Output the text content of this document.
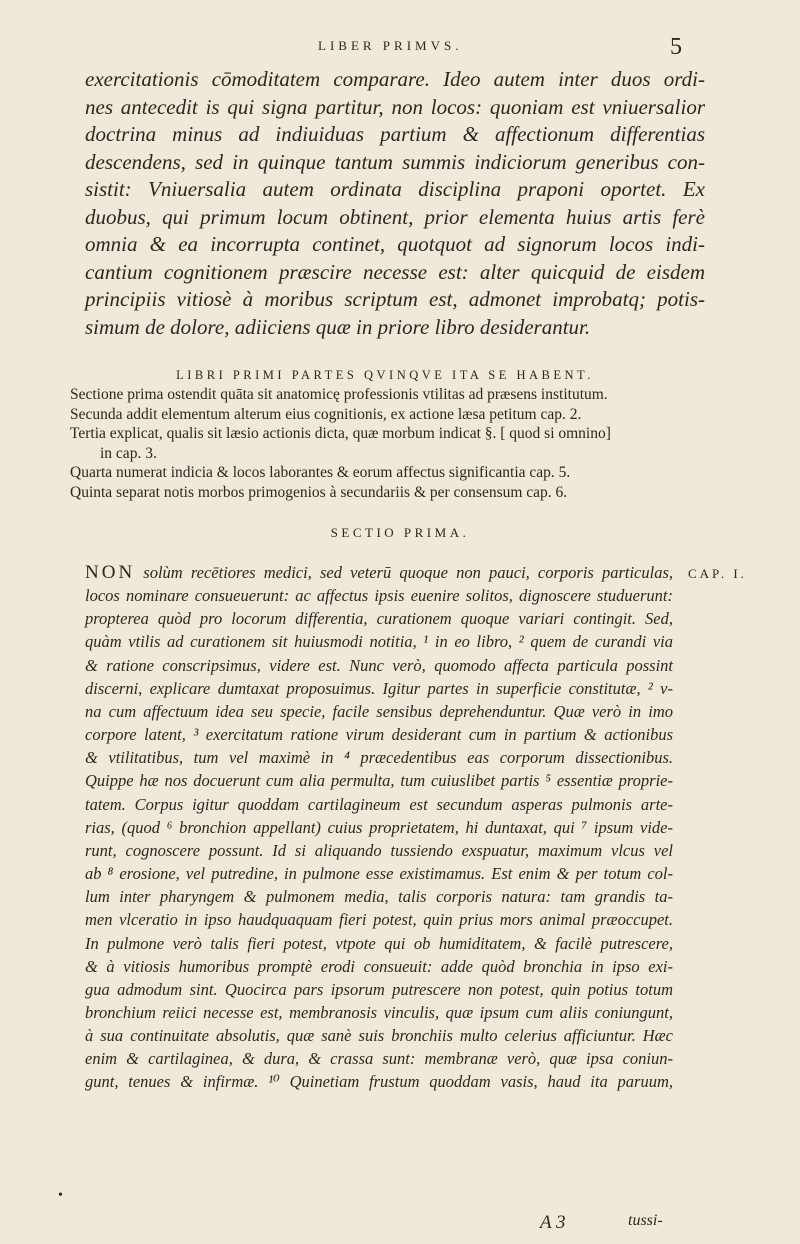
LIBER PRIMVS.	5
exercitationis cōmoditatem comparare. Ideo autem inter duos ordi-
nes antecedit is qui signa partitur, non locos: quoniam est vniuersalior
doctrina minus ad indiuiduas partium & affectionum differentias
descendens, sed in quinque tantum summis indiciorum generibus con-
sistit: Vniuersalia autem ordinata disciplina praponi oportet. Ex
duobus, qui primum locum obtinent, prior elementa huius artis ferè
omnia & ea incorrupta continet, quotquot ad signorum locos indi-
cantium cognitionem præscire necesse est: alter quicquid de eisdem
principiis vitiosè à moribus scriptum est, admonet improbatq; potis-
simum de dolore, adiiciens quæ in priore libro desiderantur.
LIBRI PRIMI PARTES QVINQVE ITA SE HABENT.
Sectione prima ostendit quāta sit anatomicę professionis vtilitas ad præsens institutum.
Secunda addit elementum alterum eius cognitionis, ex actione læsa petitum cap. 2.
Tertia explicat, qualis sit læsio actionis dicta, quæ morbum indicat §. [ quod si omnino]
in cap. 3.
Quarta numerat indicia & locos laborantes & eorum affectus significantia cap. 5.
Quinta separat notis morbos primogenios à secundariis & per consensum cap. 6.
SECTIO PRIMA.
CAP. I.
NON solùm recētiores medici, sed veterū quoque non pauci, corporis particulas,
locos nominare consueuerunt: ac affectus ipsis euenire solitos, dignoscere studuerunt:
propterea quòd pro locorum differentia, curationem quoque variari contingit. Sed,
quàm vtilis ad curationem sit huiusmodi notitia, ¹ in eo libro, ² quem de curandi via
& ratione conscripsimus, videre est. Nunc verò, quomodo affecta particula possint
discerni, explicare dumtaxat proposuimus. Igitur partes in superficie constitutæ, ² v-
na cum affectuum idea seu specie, facile sensibus deprehenduntur. Quæ verò in imo
corpore latent, ³ exercitatum ratione virum desiderant cum in partium & actionibus
& vtilitatibus, tum vel maximè in ⁴ præcedentibus eas corporum dissectionibus.
Quippe hæ nos docuerunt cum alia permulta, tum cuiuslibet partis ⁵ essentiæ proprie-
tatem. Corpus igitur quoddam cartilagineum est secundum asperas pulmonis arte-
rias, (quod ⁶ bronchion appellant) cuius proprietatem, hi duntaxat, qui ⁷ ipsum vide-
runt, cognoscere possunt. Id si aliquando tussiendo exspuatur, maximum vlcus vel
ab ⁸ erosione, vel putredine, in pulmone esse existimamus. Est enim & per totum col-
lum inter pharyngem & pulmonem media, talis corporis natura: tam grandis ta-
men vlceratio in ipso haudquaquam fieri potest, quin prius mors animal præoccupet.
In pulmone verò talis fieri potest, vtpote qui ob humiditatem, & facilè putrescere,
& à vitiosis humoribus promptè erodi consueuit: adde quòd bronchia in ipso exi-
gua admodum sint. Quocirca pars ipsorum putrescere non potest, quin potius totum
bronchium reiici necesse est, membranosis vinculis, quæ ipsum cum aliis coniungunt,
à sua continuitate absolutis, quæ sanè suis bronchiis multo celerius afficiuntur. Hæc
enim & cartilaginea, & dura, & crassa sunt: membranæ verò, quæ ipsa coniun-
gunt, tenues & infirmæ. ¹⁰ Quinetiam frustum quoddam vasis, haud ita paruum,
•
A 3	tussi-
